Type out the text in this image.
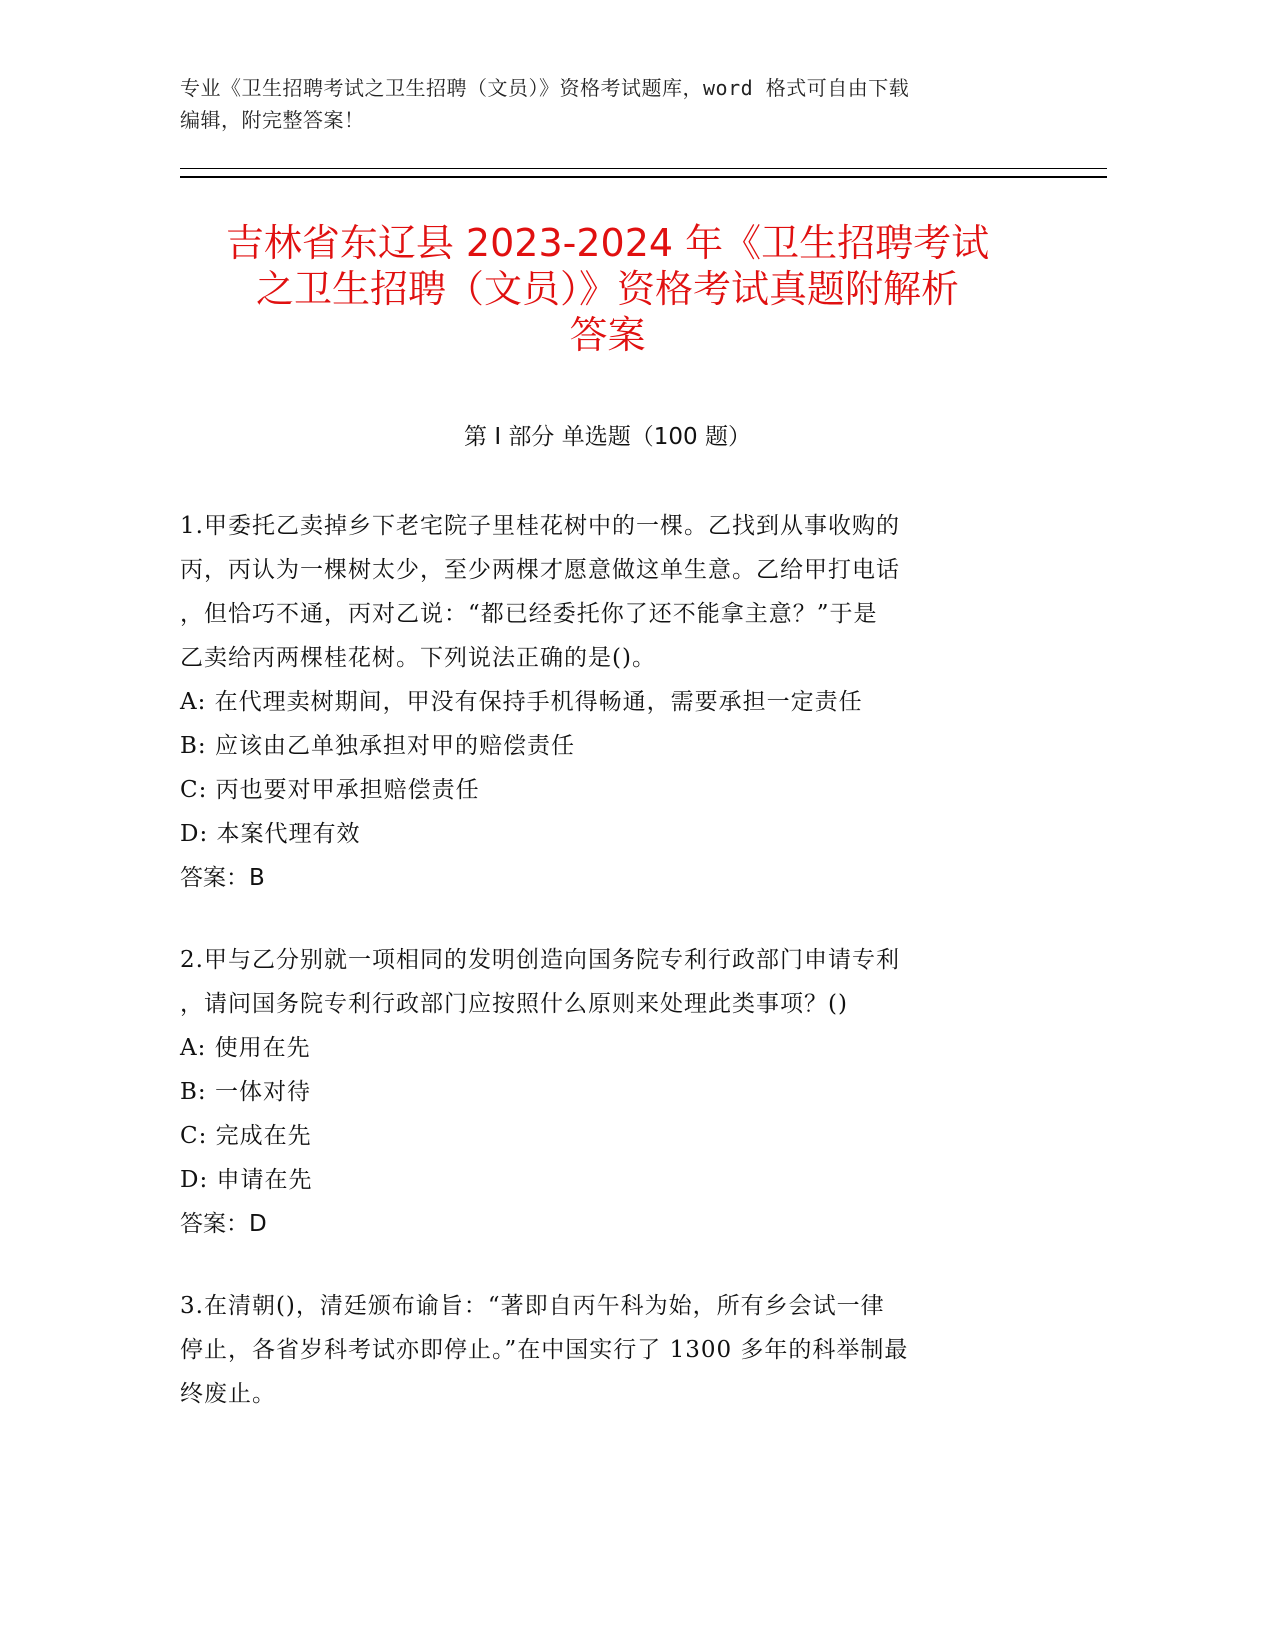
专业《卫生招聘考试之卫生招聘（文员）》资格考试题库，word 格式可自由下载
编辑，附完整答案！
吉林省东辽县 2023-2024 年《卫生招聘考试
之卫生招聘（文员）》资格考试真题附解析
答案
第 I 部分 单选题（100 题）
1.甲委托乙卖掉乡下老宅院子里桂花树中的一棵。乙找到从事收购的
丙，丙认为一棵树太少，至少两棵才愿意做这单生意。乙给甲打电话
，但恰巧不通，丙对乙说：“都已经委托你了还不能拿主意？”于是
乙卖给丙两棵桂花树。下列说法正确的是()。
A: 在代理卖树期间，甲没有保持手机得畅通，需要承担一定责任
B: 应该由乙单独承担对甲的赔偿责任
C: 丙也要对甲承担赔偿责任
D: 本案代理有效
答案：B
2.甲与乙分别就一项相同的发明创造向国务院专利行政部门申请专利
，请问国务院专利行政部门应按照什么原则来处理此类事项？()
A: 使用在先
B: 一体对待
C: 完成在先
D: 申请在先
答案：D
3.在清朝()，清廷颁布谕旨：“著即自丙午科为始，所有乡会试一律
停止，各省岁科考试亦即停止。”在中国实行了 1300 多年的科举制最
终废止。
